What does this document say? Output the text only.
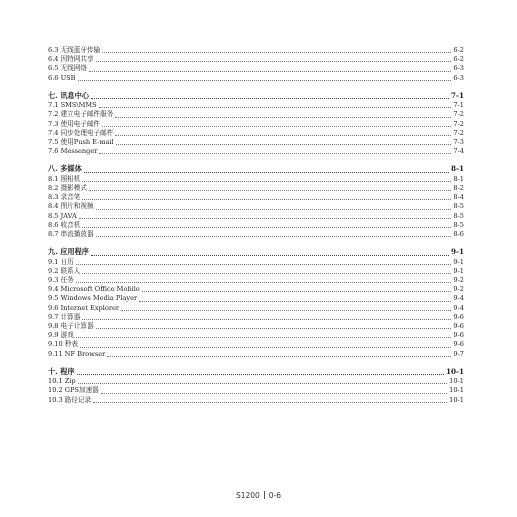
6.3 无线蓝牙传输	6-2
6.4 因特网共享	6-2
6.5 无线网络	6-3
6.6 USB	6-3
七. 讯息中心	7-1
7.1 SMS\MMS	7-1
7.2 建立电子邮件服务	7-2
7.3 使用电子邮件	7-2
7.4 同步处理电子邮件	7-2
7.5 使用Push E-mail	7-3
7.6 Messenger	7-4
八. 多媒体	8-1
8.1 照相机	8-1
8.2 摄影模式	8-2
8.3 录音笔	8-4
8.4 图片和视频	8-5
8.5 JAVA	8-5
8.6 收音机	8-5
8.7 串流播放器	8-6
九. 应用程序	9-1
9.1 日历	9-1
9.2 联系人	9-1
9.3 任务	9-2
9.4 Microsoft Office Mobile	9-2
9.5 Windows Media Player	9-4
9.6 Internet Explorer	9-4
9.7 计算器	9-6
9.8 电子计算器	9-6
9.9 游戏	9-6
9.10 秒表	9-6
9.11 NF Browser	9-7
十. 程序	10-1
10.1 Zip	10-1
10.2 GPS加速器	10-1
10.3 路径记录	10-1
S1200 0-6
